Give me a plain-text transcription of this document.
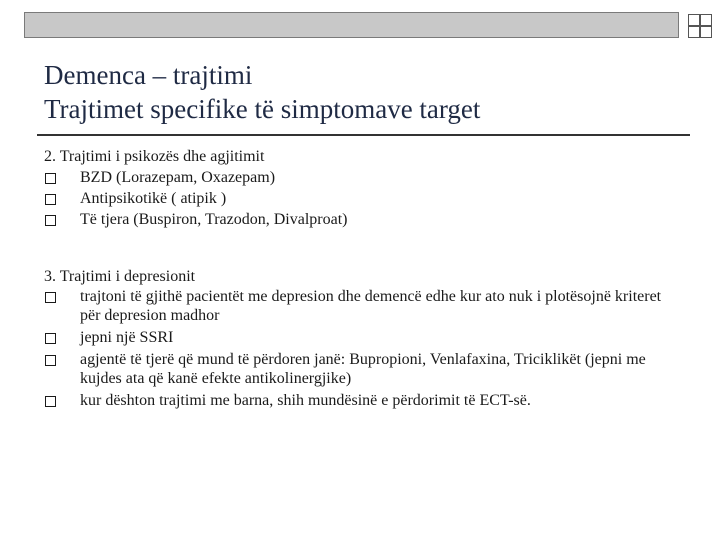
Demenca – trajtimi
Trajtimet specifike të simptomave target
2. Trajtimi i psikozës dhe agjitimit
BZD (Lorazepam, Oxazepam)
Antipsikotikë ( atipik )
Të tjera (Buspiron, Trazodon, Divalproat)
3. Trajtimi i depresionit
trajtoni të gjithë pacientët me depresion dhe demencë edhe kur ato nuk i plotësojnë kriteret për depresion madhor
jepni një SSRI
agjentë të tjerë që mund të përdoren janë: Bupropioni, Venlafaxina, Triciklikët (jepni me kujdes ata që kanë efekte antikolinergjike)
kur dështon trajtimi me barna, shih mundësinë e përdorimit të ECT-së.
